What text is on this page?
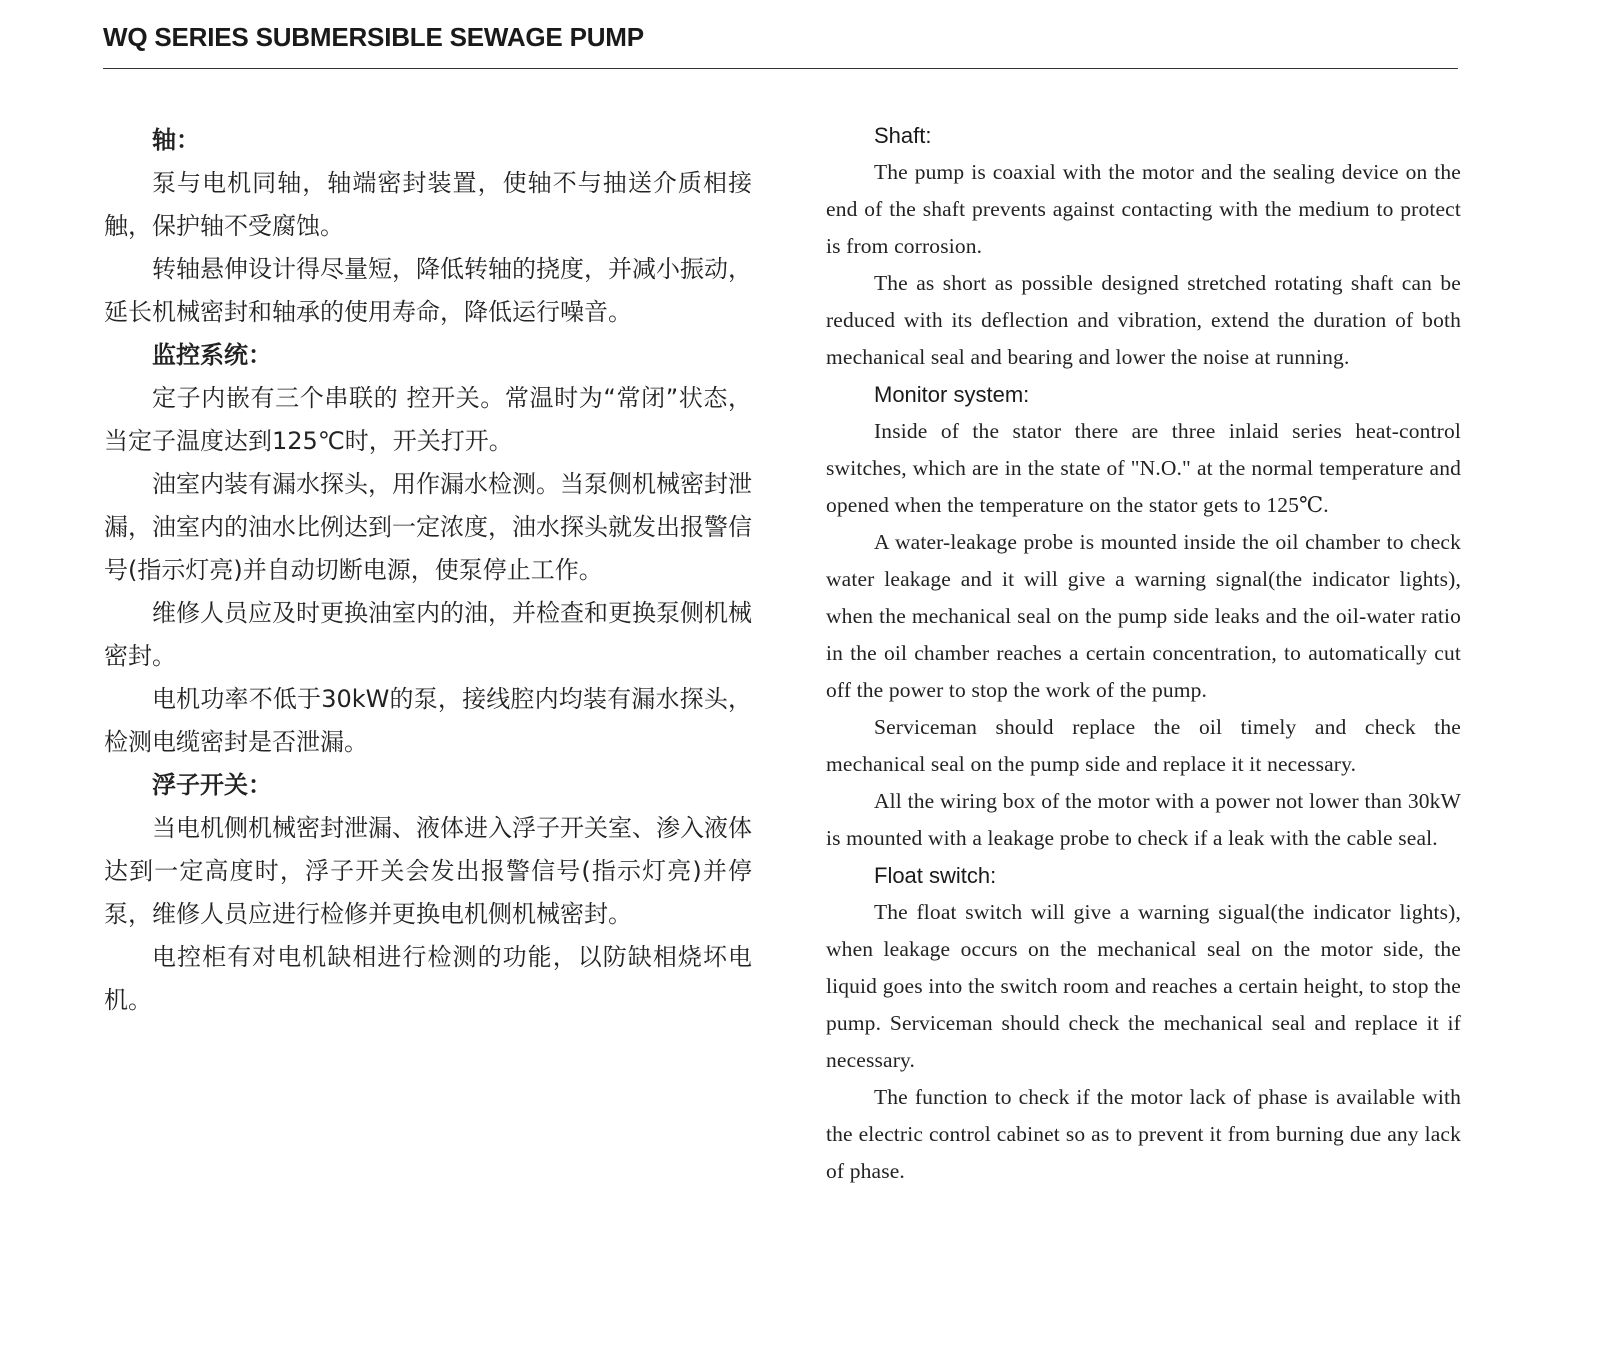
WQ SERIES SUBMERSIBLE SEWAGE PUMP
轴：
泵与电机同轴，轴端密封装置，使轴不与抽送介质相接触，保护轴不受腐蚀。
转轴悬伸设计得尽量短，降低转轴的挠度，并减小振动，延长机械密封和轴承的使用寿命，降低运行噪音。
监控系统：
定子内嵌有三个串联的 控开关。常温时为“常闭”状态，当定子温度达到125℃时，开关打开。
油室内装有漏水探头，用作漏水检测。当泵侧机械密封泄漏，油室内的油水比例达到一定浓度，油水探头就发出报警信号(指示灯亮)并自动切断电源，使泵停止工作。
维修人员应及时更换油室内的油，并检查和更换泵侧机械密封。
电机功率不低于30kW的泵，接线腔内均装有漏水探头，检测电缆密封是否泄漏。
浮子开关：
当电机侧机械密封泄漏、液体进入浮子开关室、渗入液体达到一定高度时，浮子开关会发出报警信号(指示灯亮)并停泵，维修人员应进行检修并更换电机侧机械密封。
电控柜有对电机缺相进行检测的功能，以防缺相烧坏电机。
Shaft:
The pump is coaxial with the motor and the sealing device on the end of the shaft prevents against contacting with the medium to protect is from corrosion.
The as short as possible designed stretched rotating shaft can be reduced with its deflection and vibration, extend the duration of both mechanical seal and bearing and lower the noise at running.
Monitor system:
Inside of the stator there are three inlaid series heat-control switches, which are in the state of "N.O." at the normal temperature and opened when the temperature on the stator gets to 125℃.
A water-leakage probe is mounted inside the oil chamber to check water leakage and it will give a warning signal(the indicator lights), when the mechanical seal on the pump side leaks and the oil-water ratio in the oil chamber reaches a certain concentration, to automatically cut off the power to stop the work of the pump.
Serviceman should replace the oil timely and check the mechanical seal on the pump side and replace it it necessary.
All the wiring box of the motor with a power not lower than 30kW is mounted with a leakage probe to check if a leak with the cable seal.
Float switch:
The float switch will give a warning sigual(the indicator lights), when leakage occurs on the mechanical seal on the motor side, the liquid goes into the switch room and reaches a certain height, to stop the pump. Serviceman should check the mechanical seal and replace it if necessary.
The function to check if the motor lack of phase is available with the electric control cabinet so as to prevent it from burning due any lack of phase.
